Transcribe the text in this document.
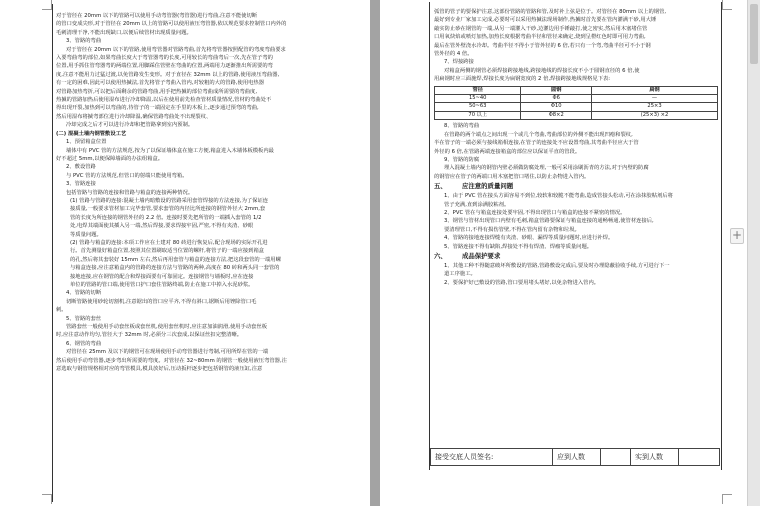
对于管径在 20mm 以下的管路可以使用手动弯管器(弯管器)进行弯曲,注意不能使切断
的管口变成尖形,对于管径在 20mm 以上的管路可以使用液压弯管器,依以规范要求控制管口内外的
毛刺清理干净,不能出现缺口,以便后续管材出现质量问题。
3、管路的弯曲
对于管径在 20mm 以下的管路,使用弯管器对管路弯曲,首先将弯管器按照配管的弯度弯曲要求
入要弯曲弯的部位,如果弯曲长度大于弯管器弯的长度,可用较长的弯曲弯后一次,先在管子弯的
位置,用手抓住管弯器弯的两端位置,用脚踩住管壁在弯曲的位置,两端用力逐渐推出所需要的弯
度,注意不能用力过猛过渡,以免管路发生变形。对于直径在 32mm 以上的管路,使用液压弯曲器,
有一定的困难,因此可以使用热揻法,首先将管子弯曲入管内,对较粗的大的管路,使用电热器
对管路加热弯折,可以把后面剩余的管路弯曲,用手把热揻的部位弯曲成所需要的弯曲度,
热揻的管路加热后使用湿布进行冷却降温,以后在使用前先检查管材质量情况,管材的弯曲处不
得出现开裂,加热到可以弯曲的,待管子的一端固定在手里的木板上,逐步通过预弯的弯曲,
然后用湿布将揻弯部位进行冷却降温,确保管路弯曲处不出现裂纹、
冷却完成之后才可以进行冷却和把管路拿到室内预制。
(二) 混凝土墙内钢管敷设工艺
1、预留箱盒位置
墙体中有 PVC 管的方法规范,按为了以保证墙体盒在施工方便,箱盒进入木墙体板模板内最
好不超过 5mm,以便保障墙面的办法组箱盒。
2、敷设管路
与 PVC 管的方法规范,但管口的射端只能使用弯箱。
3、管路连接
包括管路与管路的连接和管路与箱盒的连接两种情况。
(1) 管路与管路的连接:混凝土墙内暗敷设的管路采用套管焊接的方法连接,为了保证连
接质量,一般要求管材加工完毕套管,要求套管的内径比所连接的钢管外径大 2mm,套
管的长度为所连接的钢管外径的 2.2 倍。连接时要先把所管的一端插入套管的 1/2
处,电焊其端面使其插入另一端,然后焊接,要求焊接牢固,严密,不得有夹渣、砂眼
等质量问题。
(2) 管路与箱盒的连接:本项工作应在土建对 80 砖进行恢复后,配合现场的实际开孔进
行。首先测量好箱盒位置,按照其位置刷取适当位置的螺杆,将管子的一端应接到箱盒
的孔,然后将其套装好 15mm 左右,然后再用套管与箱盒的连接方法,把这段套管的一端用螺
与箱盒连接,应注意箱盒内的管路的连接方法与管路的两种,高度在 80 砖和两头同一套管的
接地连接,应在钢管的配合和焊接面要有可靠固定。连接钢管与墙板时,应在连接
单位的管路的管口端,使用管口护口套住管路终端,防止在施工中掉入水泥砂浆。
4、管路的切断
切断管路使用砂轮切割机,注意锯出的管口应平齐,不得有斜口,锯断后用锉除管口毛
刺。
5、管路的套丝
管路套丝一般使用手动套丝板或套丝机,使用套丝机时,应注意加油润滑,使用手动套丝板
时,应注意动作均匀,管径大于 32mm 时,必须分三次套成,以保证丝扣完整清晰。
6、钢管的弯曲
对管径在 25mm 及以下的钢管可在现场使用手动弯管器进行弯制,可用所焊在管的一端
然后使用手动弯管器,逐步弯出所需要的弯度。对管径在 32~80mm 的钢管一般使用液压弯管器,注
意选取与钢管规格相对应的弯管模具,模具放好后,压动扳杆逐步把包括钢管的液压缸,注意
弧管的管子的要保护注意,这部份管路的管路和管,及时补上弦是位于。对管径在 80mm 以上的钢管,
最好到专业厂家加工完成,必要时可以采用热揻法现场制作,热揻时首先要在管内灌满干砂,用大锤
敲实防止砂在钢管的一端,从另一端灌入干砂,边灌边用手锤敲打,使之密实,然后用木塞堵住管
口用氧炔焰或喷灯加热,加热长度根据弯曲半径和管径来确定,烧到呈橙红色时即可用力弯曲,
最后在管外壁浇水冷却。弯曲半径不得小于管外径的 6 倍,若只有一个弯,弯曲半径可不小于钢
管外径的 4 倍。
7、焊接跨接
对箱盒两侧的钢管必须焊接跨接地线,跨接地线的焊接长度不小于圆钢直径的 6 倍,使
用扁钢时应三面施焊,焊接长度为扁钢宽度的 2 倍,焊接跨接地线规格见下表:
管径	圆钢	扁钢
15~40	Φ6	—
50~63	Φ10	25×3
70 以上	Φ8×2	(25×3) ×2
8、管路的弯曲
在管路的两个端点之间出现一个或几个弯曲,弯曲部位的外侧不能出现凹瘪和裂纹,
半在管子的一端必须与接线箱相连接,在管子的连接处不应设置弯曲,其弯曲半径应大于管
外径的 6 倍,在管路两端连接箱盒的部位应以保证平直的管段。
9、管路的防腐
埋入混凝土墙内的钢管内壁必须做防腐处理,一般可采用涂刷沥青的方法,对于内壁的防腐
的钢管应在管子的两端口用木塞把管口堵住,以防止杂物进入管内。
五、 应注意的质量问题
1、由于 PVC 管在接头方面容易不到位,较软和较脆不能弯曲,造成管接头松动,可在涂抹胶粘剂后将
管子充满,直到涂满胶粘剂。
2、PVC 管在与箱盒连接处要牢固,不得出现管口与箱盒的连接不紧密的情况。
3、钢管与管材出现管口内壁有毛刺,箱盒管路要保证与箱盒连接的通畅畅通,使管材连接后,
要清理管口,不得有损伤管壁,不得在管内留有杂物和垃圾。
4、管路的接地连接焊缝有夹渣、砂眼、漏焊等质量问题时,应进行补焊。
5、管路连接不得有缺陷,焊接处不得有焊渣、焊瘤等质量问题。
六、 成品保护要求
1、其他工种不得随意破坏所敷设的管路,管路敷设完成后,要及时办理隐蔽验收手续,方可进行下一
道工序施工。
2、要保护好已敷设的管路,管口要用堵头堵好,以免杂物进入管内。
接受交底人员签名:	应到人数	实到人数
+
